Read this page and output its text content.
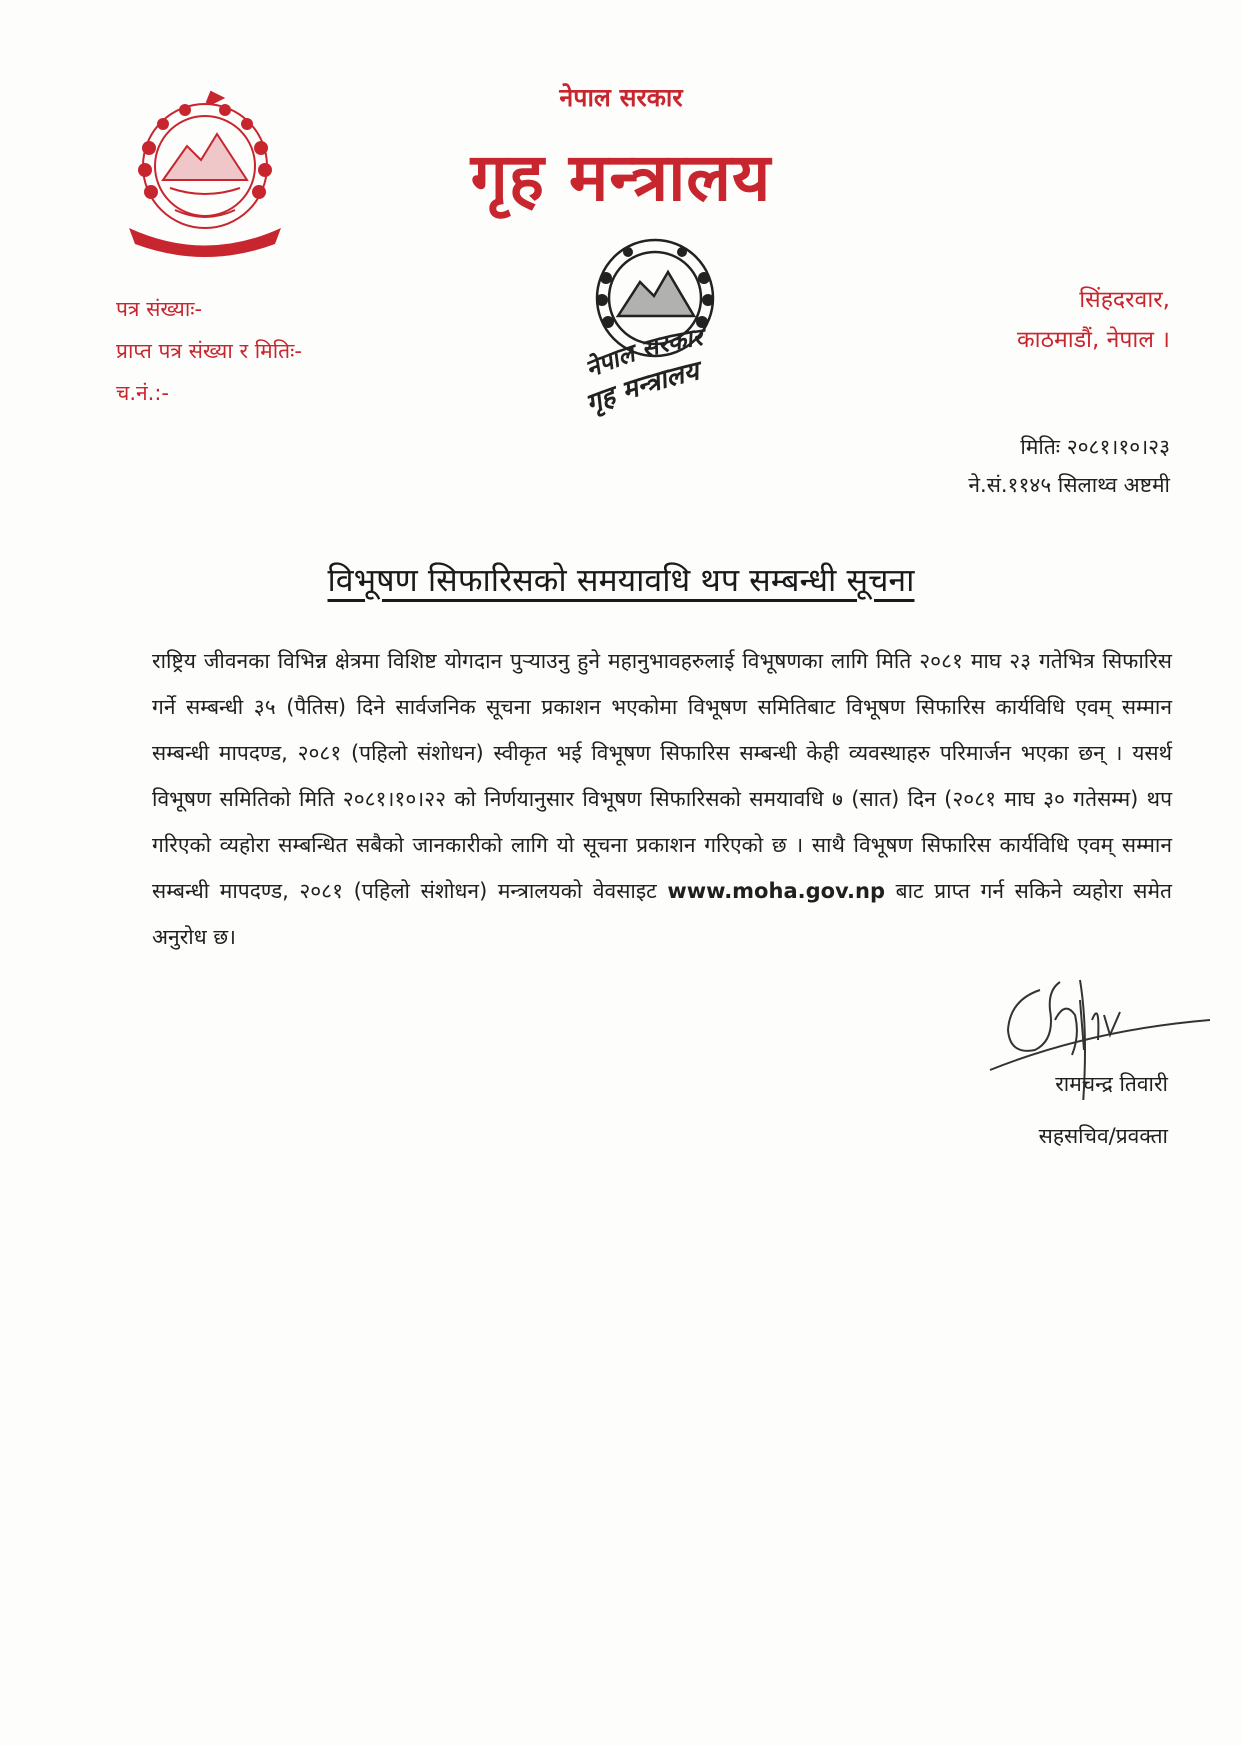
नेपाल सरकार
गृह मन्त्रालय
नेपाल सरकार
गृह मन्त्रालय
पत्र संख्याः-
प्राप्त पत्र संख्या र मितिः-
च.नं.:-
सिंहदरवार,
काठमाडौं, नेपाल ।
मितिः २०८१।१०।२३
ने.सं.११४५ सिलाथ्व अष्टमी
विभूषण सिफारिसको समयावधि थप सम्बन्धी सूचना
राष्ट्रिय जीवनका विभिन्न क्षेत्रमा विशिष्ट योगदान पुऱ्याउनु हुने महानुभावहरुलाई विभूषणका लागि मिति २०८१ माघ २३ गतेभित्र सिफारिस गर्ने सम्बन्धी ३५ (पैतिस) दिने सार्वजनिक सूचना प्रकाशन भएकोमा विभूषण समितिबाट विभूषण सिफारिस कार्यविधि एवम् सम्मान सम्बन्धी मापदण्ड, २०८१ (पहिलो संशोधन) स्वीकृत भई विभूषण सिफारिस सम्बन्धी केही व्यवस्थाहरु परिमार्जन भएका छन् । यसर्थ विभूषण समितिको मिति २०८१।१०।२२ को निर्णयानुसार विभूषण सिफारिसको समयावधि ७ (सात) दिन (२०८१ माघ ३० गतेसम्म) थप गरिएको व्यहोरा सम्बन्धित सबैको जानकारीको लागि यो सूचना प्रकाशन गरिएको छ । साथै विभूषण सिफारिस कार्यविधि एवम् सम्मान सम्बन्धी मापदण्ड, २०८१ (पहिलो संशोधन) मन्त्रालयको वेवसाइट www.moha.gov.np बाट प्राप्त गर्न सकिने व्यहोरा समेत अनुरोध छ।
रामचन्द्र तिवारी
सहसचिव/प्रवक्ता
